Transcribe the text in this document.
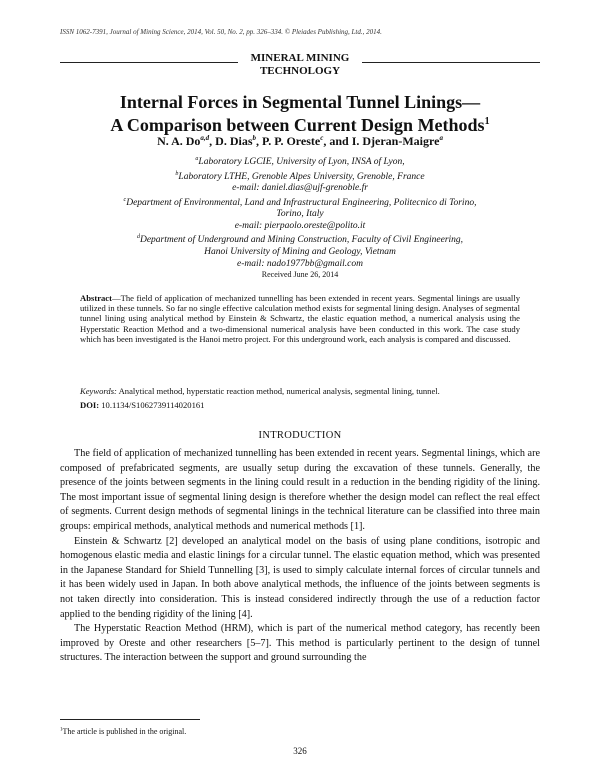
ISSN 1062-7391, Journal of Mining Science, 2014, Vol. 50, No. 2, pp. 326–334. © Pleiades Publishing, Ltd., 2014.
MINERAL MINING
TECHNOLOGY
Internal Forces in Segmental Tunnel Linings—
A Comparison between Current Design Methods$^1$
N. A. Do$^{a,d}$, D. Dias$^b$, P. P. Oreste$^c$, and I. Djeran-Maigre$^a$
$^a$Laboratory LGCIE, University of Lyon, INSA of Lyon,
$^b$Laboratory LTHE, Grenoble Alpes University, Grenoble, France
e-mail: daniel.dias@ujf-grenoble.fr
$^c$Department of Environmental, Land and Infrastructural Engineering, Politecnico di Torino,
Torino, Italy
e-mail: pierpaolo.oreste@polito.it
$^d$Department of Underground and Mining Construction, Faculty of Civil Engineering,
Hanoi University of Mining and Geology, Vietnam
e-mail: nado1977bb@gmail.com
Received June 26, 2014
Abstract—The field of application of mechanized tunnelling has been extended in recent years. Segmental linings are usually utilized in these tunnels. So far no single effective calculation method exists for segmental lining design. Analyses of segmental tunnel lining using analytical method by Einstein & Schwartz, the elastic equation method, a numerical analysis using the Hyperstatic Reaction Method and a two-dimensional numerical analysis have been conducted in this work. The case study which has been investigated is the Hanoi metro project. For this underground work, each analysis is compared and discussed.
Keywords: Analytical method, hyperstatic reaction method, numerical analysis, segmental lining, tunnel.
DOI: 10.1134/S1062739114020161
INTRODUCTION

The field of application of mechanized tunnelling has been extended in recent years. Segmental linings, which are composed of prefabricated segments, are usually setup during the excavation of these tunnels. Generally, the presence of the joints between segments in the lining could result in a reduction in the bending rigidity of the lining. The most important issue of segmental lining design is therefore whether the design model can reflect the real effect of segments. Current design methods of segmental linings in the technical literature can be classified into three main groups: empirical methods, analytical methods and numerical methods [1].

Einstein & Schwartz [2] developed an analytical model on the basis of using plane conditions, isotropic and homogenous elastic media and elastic linings for a circular tunnel. The elastic equation method, which was presented in the Japanese Standard for Shield Tunnelling [3], is used to simply calculate internal forces of circular tunnels and it has been widely used in Japan. In both above analytical methods, the influence of the joints between segments is not taken directly into consideration. This is instead considered indirectly through the use of a reduction factor applied to the bending rigidity of the lining [4].

The Hyperstatic Reaction Method (HRM), which is part of the numerical method category, has recently been improved by Oreste and other researchers [5–7]. This method is particularly pertinent to the design of tunnel structures. The interaction between the support and ground surrounding the

$^1$The article is published in the original.
326
